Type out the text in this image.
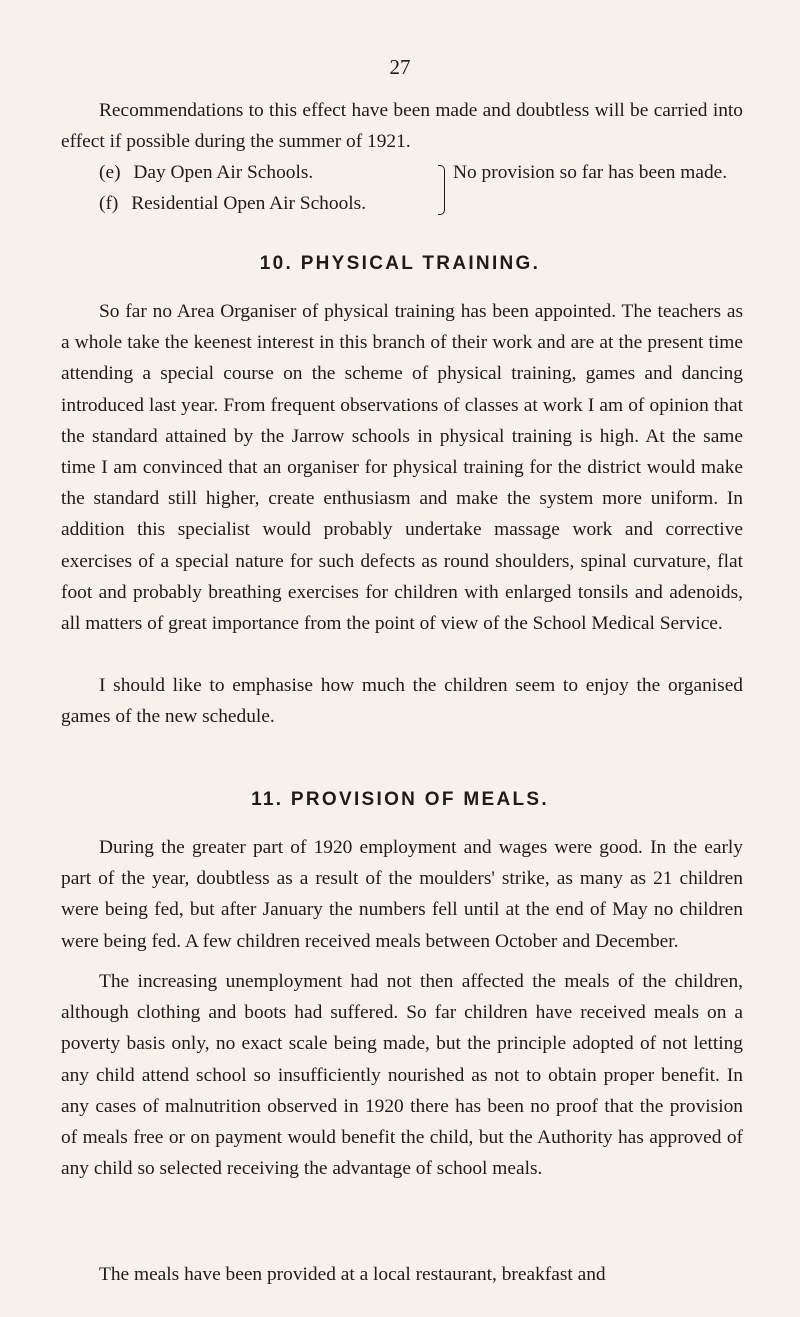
27

Recommendations to this effect have been made and doubtless will be carried into effect if possible during the summer of 1921.

(e) Day Open Air Schools.
(f) Residential Open Air Schools.
No provision so far has been made.
10. PHYSICAL TRAINING.

So far no Area Organiser of physical training has been appointed. The teachers as a whole take the keenest interest in this branch of their work and are at the present time attending a special course on the scheme of physical training, games and dancing introduced last year. From frequent observations of classes at work I am of opinion that the standard attained by the Jarrow schools in physical training is high. At the same time I am convinced that an organiser for physical training for the district would make the standard still higher, create enthusiasm and make the system more uniform. In addition this specialist would probably undertake massage work and corrective exercises of a special nature for such defects as round shoulders, spinal curvature, flat foot and probably breathing exercises for children with enlarged tonsils and adenoids, all matters of great importance from the point of view of the School Medical Service.

I should like to emphasise how much the children seem to enjoy the organised games of the new schedule.

11. PROVISION OF MEALS.

During the greater part of 1920 employment and wages were good. In the early part of the year, doubtless as a result of the moulders' strike, as many as 21 children were being fed, but after January the numbers fell until at the end of May no children were being fed. A few children received meals between October and December.

The increasing unemployment had not then affected the meals of the children, although clothing and boots had suffered. So far children have received meals on a poverty basis only, no exact scale being made, but the principle adopted of not letting any child attend school so insufficiently nourished as not to obtain proper benefit. In any cases of malnutrition observed in 1920 there has been no proof that the provision of meals free or on payment would benefit the child, but the Authority has approved of any child so selected receiving the advantage of school meals.

The meals have been provided at a local restaurant, breakfast and
